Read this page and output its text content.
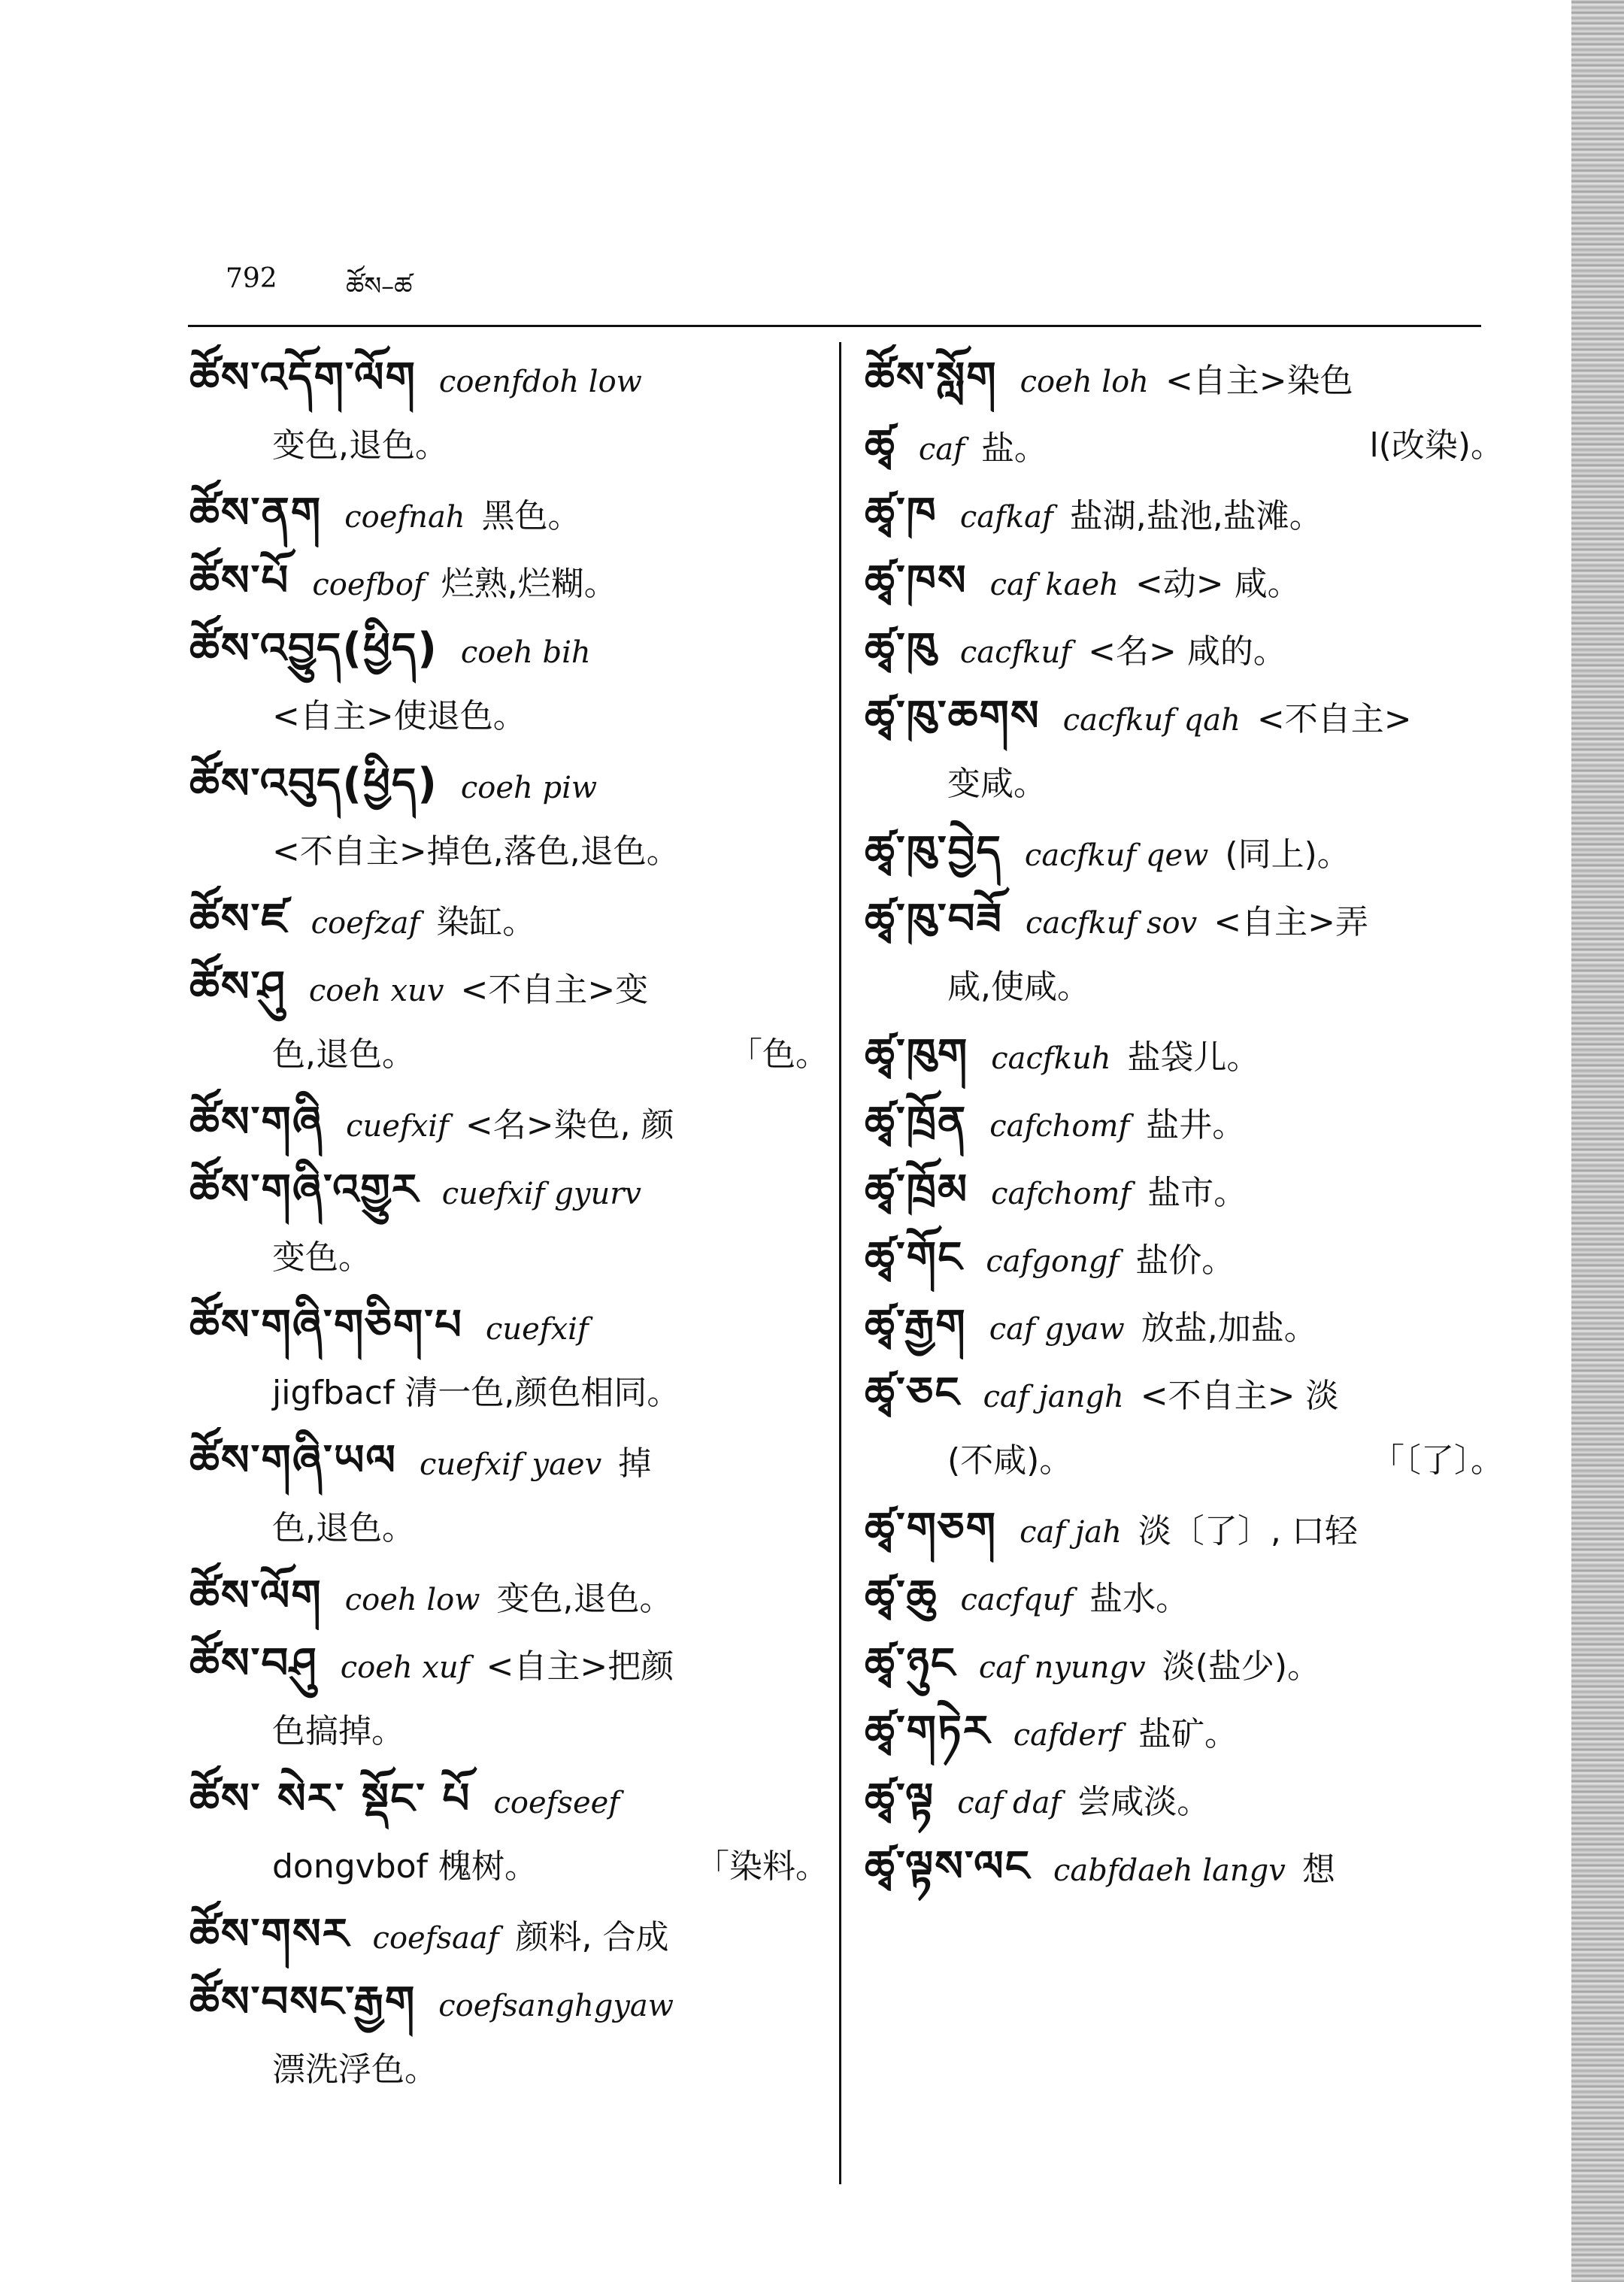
792	ཚོས–ཚ
ཚོས་འདོག་ལོག coenfdoh low
变色,退色。
ཚོས་ནག coefnah 黑色。
ཚོས་པོ coefbof 烂熟,烂糊。
ཚོས་འབྱུད(ཕྱིད) coeh bih
<自主>使退色。
ཚོས་འབུད(ཕྱིད) coeh piw
<不自主>掉色,落色,退色。
ཚོས་ཛ coefzaf 染缸。
ཚོས་ཤུ coeh xuv <不自主>变
色,退色。	「色。
ཚོས་གཞི cuefxif <名>染色, 颜
ཚོས་གཞི་འགྱུར cuefxif gyurv
变色。
ཚོས་གཞི་གཅིག་པ cuefxif
jigfbacf 清一色,颜色相同。
ཚོས་གཞི་ཡལ cuefxif yaev 掉
色,退色。
ཚོས་ལོག coeh low 变色,退色。
ཚོས་བཤུ coeh xuf <自主>把颜
色搞掉。
ཚོས་ སེར་ སྡོང་ པོ coefseef
dongvbof 槐树。	「染料。
ཚོས་གསར coefsaaf 颜料, 合成
ཚོས་བསང་རྒྱག coefsanghgyaw
漂洗浮色。
ཚོས་སློག coeh loh <自主>染色
ཚྭ caf 盐。	l(改染)。
ཚྭ་ཁ cafkaf 盐湖,盐池,盐滩。
ཚྭ་ཁས caf kaeh <动> 咸。
ཚྭ་ཁུ cacfkuf <名> 咸的。
ཚྭ་ཁུ་ཆགས cacfkuf qah <不自主>
变咸。
ཚྭ་ཁུ་བྱེད cacfkuf qew (同上)。
ཚྭ་ཁུ་བཟོ cacfkuf sov <自主>弄
咸,使咸。
ཚྭ་ཁུག cacfkuh 盐袋儿。
ཚྭ་ཁྲོན cafchomf 盐井。
ཚྭ་ཁྲོམ cafchomf 盐市。
ཚྭ་གོང cafgongf 盐价。
ཚྭ་རྒྱག caf gyaw 放盐,加盐。
ཚྭ་ཅང caf jangh <不自主> 淡
(不咸)。	「〔了〕。
ཚྭ་གཅག caf jah 淡〔了〕, 口轻
ཚྭ་ཆུ cacfquf 盐水。
ཚྭ་ཉུང caf nyungv 淡(盐少)。
ཚྭ་གཏེར cafderf 盐矿。
ཚྭ་ལྟ caf daf 尝咸淡。
ཚྭ་ལྟས་ལང cabfdaeh langv 想
